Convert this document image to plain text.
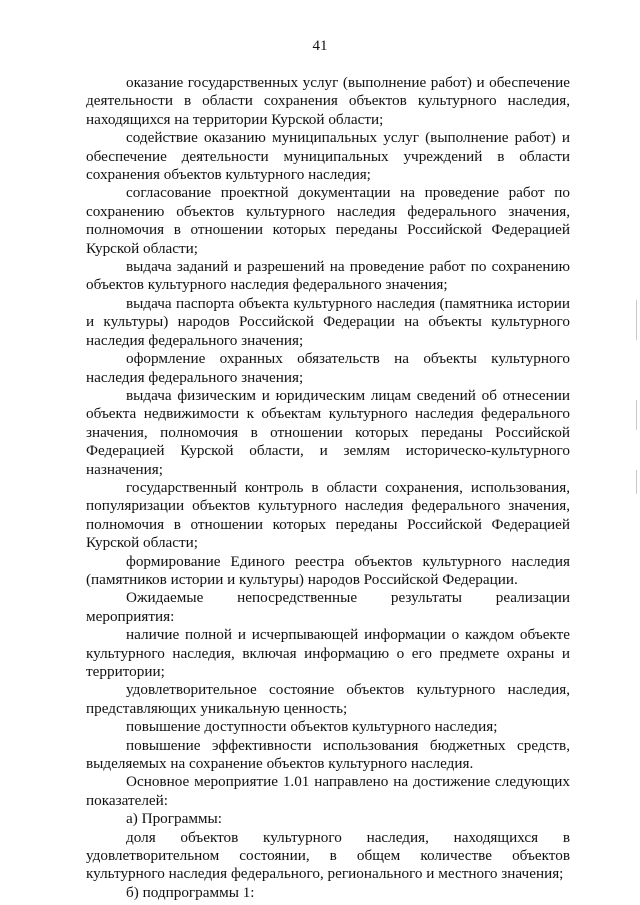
41

оказание государственных услуг (выполнение работ) и обеспечение деятельности в области сохранения объектов культурного наследия, находящихся на территории Курской области;

содействие оказанию муниципальных услуг (выполнение работ) и обеспечение деятельности муниципальных учреждений в области сохранения объектов культурного наследия;

согласование проектной документации на проведение работ по сохранению объектов культурного наследия федерального значения, полномочия в отношении которых переданы Российской Федерацией Курской области;

выдача заданий и разрешений на проведение работ по сохранению объектов культурного наследия федерального значения;

выдача паспорта объекта культурного наследия (памятника истории и культуры) народов Российской Федерации на объекты культурного наследия федерального значения;

оформление охранных обязательств на объекты культурного наследия федерального значения;

выдача физическим и юридическим лицам сведений об отнесении объекта недвижимости к объектам культурного наследия федерального значения, полномочия в отношении которых переданы Российской Федерацией Курской области, и землям историческо-культурного назначения;

государственный контроль в области сохранения, использования, популяризации объектов культурного наследия федерального значения, полномочия в отношении которых переданы Российской Федерацией Курской области;

формирование Единого реестра объектов культурного наследия (памятников истории и культуры) народов Российской Федерации.

Ожидаемые непосредственные результаты реализации мероприятия:

наличие полной и исчерпывающей информации о каждом объекте культурного наследия, включая информацию о его предмете охраны и территории;

удовлетворительное состояние объектов культурного наследия, представляющих уникальную ценность;

повышение доступности объектов культурного наследия;

повышение эффективности использования бюджетных средств, выделяемых на сохранение объектов культурного наследия.

Основное мероприятие 1.01 направлено на достижение следующих показателей:

а) Программы:

доля объектов культурного наследия, находящихся в удовлетворительном состоянии, в общем количестве объектов культурного наследия федерального, регионального и местного значения;

б) подпрограммы 1:
